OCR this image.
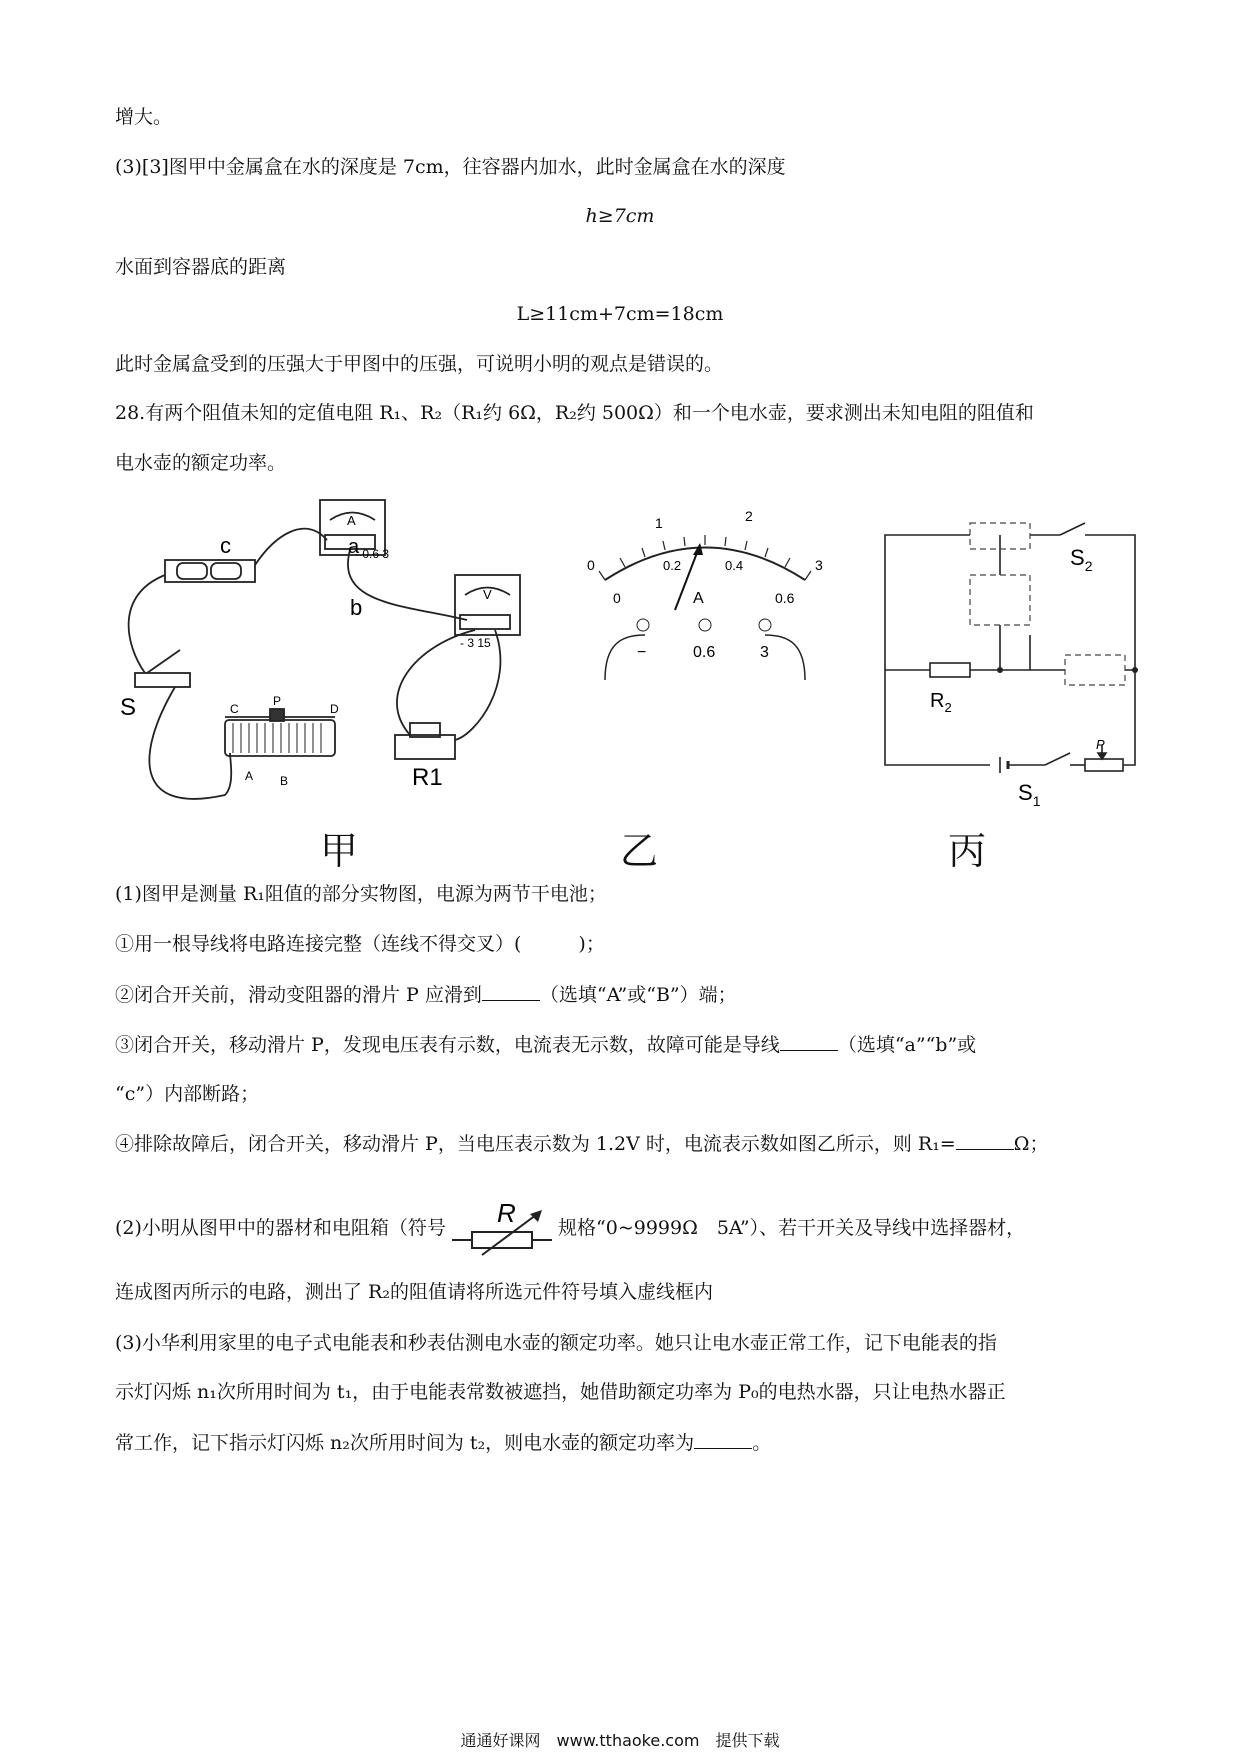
增大。
(3)[3]图甲中金属盒在水的深度是 7cm，往容器内加水，此时金属盒在水的深度
h≥7cm
水面到容器底的距离
L≥11cm+7cm=18cm
此时金属盒受到的压强大于甲图中的压强，可说明小明的观点是错误的。
28.有两个阻值未知的定值电阻 R₁、R₂（R₁约 6Ω，R₂约 500Ω）和一个电水壶，要求测出未知电阻的阻值和
电水壶的额定功率。
c	- 0.6 3
A
a
V
- 3 15
b
S	C
P
D
A B	R1
1	2
0	3
0.2	0.4
0	0.6
A
−	0.6	3
$S_2$
$R_2$
$S_1$
P
甲	乙	丙
(1)图甲是测量 R₁阻值的部分实物图，电源为两节干电池；
①用一根导线将电路连接完整（连线不得交叉）(　　　)；
②闭合开关前，滑动变阻器的滑片 P 应滑到	（选填“A”或“B”）端；
③闭合开关，移动滑片 P，发现电压表有示数，电流表无示数，故障可能是导线	（选填“a”“b”或
“c”）内部断路；
④排除故障后，闭合开关，移动滑片 P，当电压表示数为 1.2V 时，电流表示数如图乙所示，则 R₁=	Ω；
(2)小明从图甲中的器材和电阻箱（符号 R 规格“0~9999Ω　5A”）、若干开关及导线中选择器材，
连成图丙所示的电路，测出了 R₂的阻值请将所选元件符号填入虚线框内
(3)小华利用家里的电子式电能表和秒表估测电水壶的额定功率。她只让电水壶正常工作，记下电能表的指
示灯闪烁 n₁次所用时间为 t₁，由于电能表常数被遮挡，她借助额定功率为 P₀的电热水器，只让电热水器正
常工作，记下指示灯闪烁 n₂次所用时间为 t₂，则电水壶的额定功率为	。
通通好课网　www.tthaoke.com　提供下载
